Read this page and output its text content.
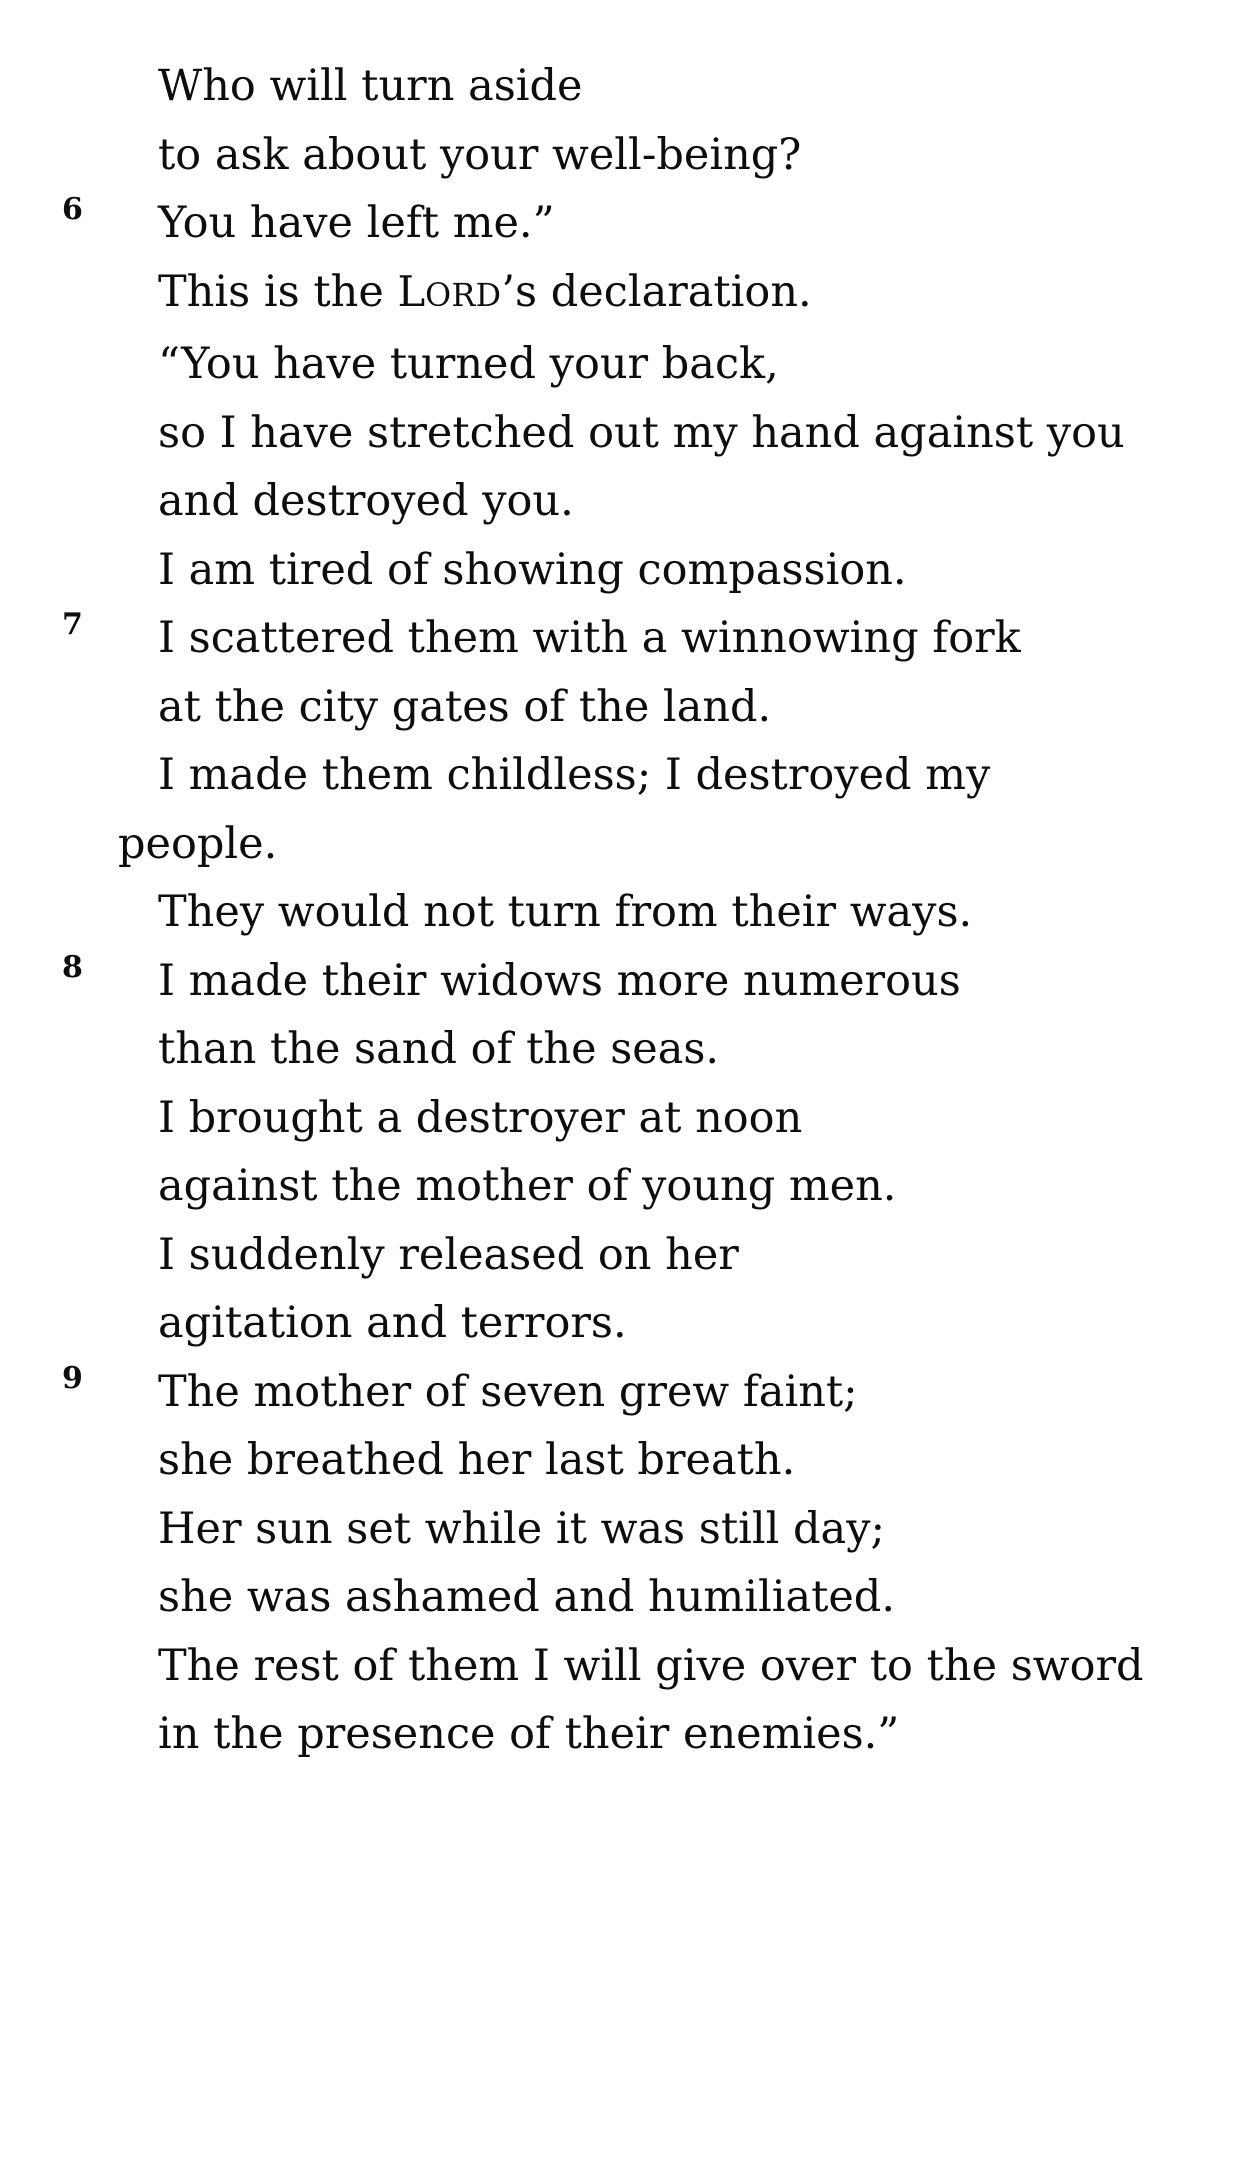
Who will turn aside
to ask about your well-being?
6	You have left me.”
This is the LORD’s declaration.
“You have turned your back,
so I have stretched out my hand against you
and destroyed you.
I am tired of showing compassion.
7	I scattered them with a winnowing fork
at the city gates of the land.
I made them childless; I destroyed my people.
They would not turn from their ways.
8	I made their widows more numerous
than the sand of the seas.
I brought a destroyer at noon
against the mother of young men.
I suddenly released on her
agitation and terrors.
9	The mother of seven grew faint;
she breathed her last breath.
Her sun set while it was still day;
she was ashamed and humiliated.
The rest of them I will give over to the sword
in the presence of their enemies.”
